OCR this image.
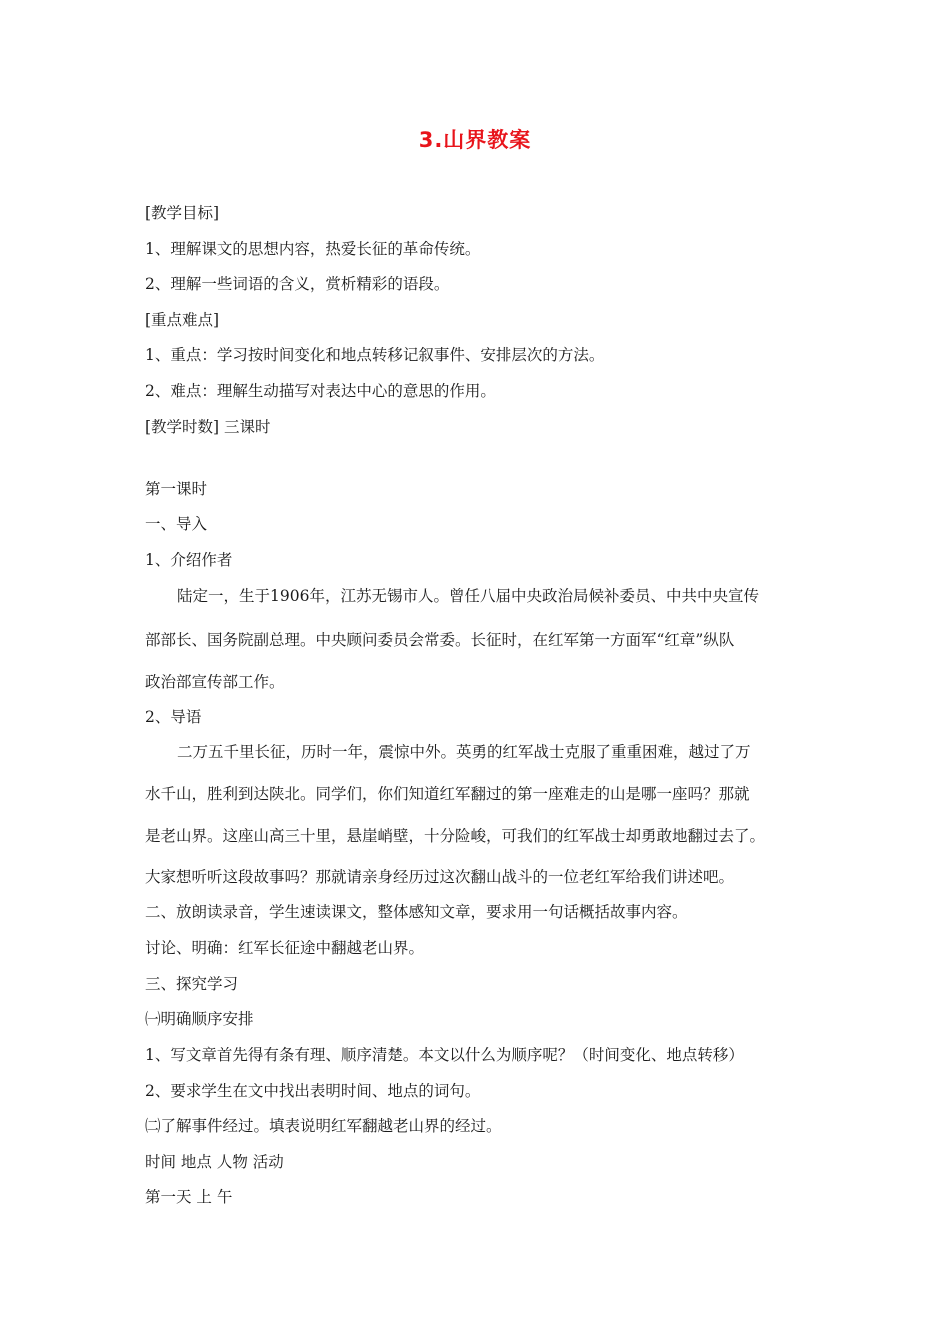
3.山界教案
[教学目标]
1、理解课文的思想内容，热爱长征的革命传统。
2、理解一些词语的含义，赏析精彩的语段。
[重点难点]
1、重点：学习按时间变化和地点转移记叙事件、安排层次的方法。
2、难点：理解生动描写对表达中心的意思的作用。
[教学时数] 三课时
第一课时
一、导入
1、介绍作者
陆定一，生于1906年，江苏无锡市人。曾任八届中央政治局候补委员、中共中央宣传
部部长、国务院副总理。中央顾问委员会常委。长征时，在红军第一方面军“红章”纵队
政治部宣传部工作。
2、导语
二万五千里长征，历时一年，震惊中外。英勇的红军战士克服了重重困难，越过了万
水千山，胜利到达陕北。同学们，你们知道红军翻过的第一座难走的山是哪一座吗？那就
是老山界。这座山高三十里，悬崖峭壁，十分险峻，可我们的红军战士却勇敢地翻过去了。
大家想听听这段故事吗？那就请亲身经历过这次翻山战斗的一位老红军给我们讲述吧。
二、放朗读录音，学生速读课文，整体感知文章，要求用一句话概括故事内容。
讨论、明确：红军长征途中翻越老山界。
三、探究学习
㈠明确顺序安排
1、写文章首先得有条有理、顺序清楚。本文以什么为顺序呢？（时间变化、地点转移）
2、要求学生在文中找出表明时间、地点的词句。
㈡了解事件经过。填表说明红军翻越老山界的经过。
时间 地点 人物 活动
第一天 上 午
